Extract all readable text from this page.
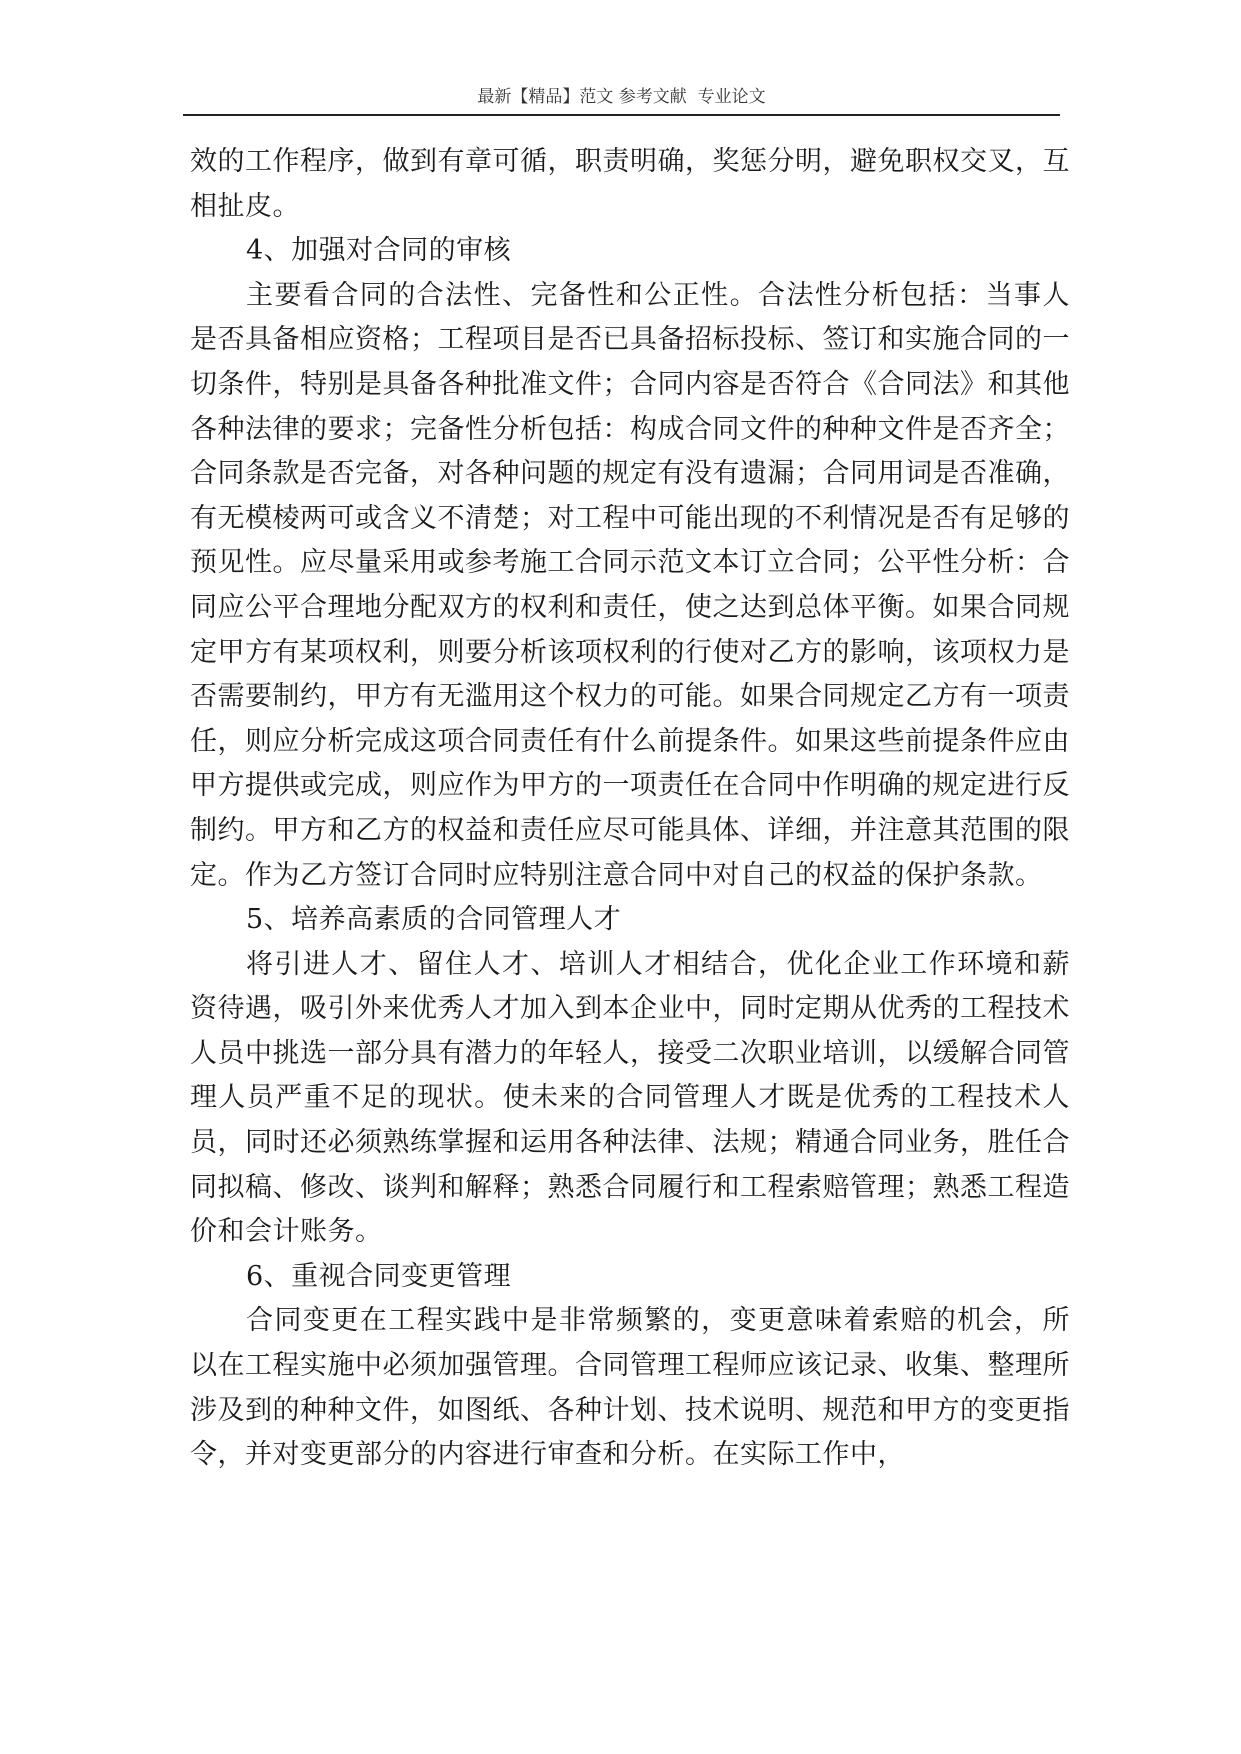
最新【精品】范文 参考文献  专业论文

效的工作程序，做到有章可循，职责明确，奖惩分明，避免职权交叉，互相扯皮。

4、加强对合同的审核

主要看合同的合法性、完备性和公正性。合法性分析包括：当事人是否具备相应资格；工程项目是否已具备招标投标、签订和实施合同的一切条件，特别是具备各种批准文件；合同内容是否符合《合同法》和其他各种法律的要求；完备性分析包括：构成合同文件的种种文件是否齐全；合同条款是否完备，对各种问题的规定有没有遗漏；合同用词是否准确，有无模棱两可或含义不清楚；对工程中可能出现的不利情况是否有足够的预见性。应尽量采用或参考施工合同示范文本订立合同；公平性分析：合同应公平合理地分配双方的权利和责任，使之达到总体平衡。如果合同规定甲方有某项权利，则要分析该项权利的行使对乙方的影响，该项权力是否需要制约，甲方有无滥用这个权力的可能。如果合同规定乙方有一项责任，则应分析完成这项合同责任有什么前提条件。如果这些前提条件应由甲方提供或完成，则应作为甲方的一项责任在合同中作明确的规定进行反制约。甲方和乙方的权益和责任应尽可能具体、详细，并注意其范围的限定。作为乙方签订合同时应特别注意合同中对自己的权益的保护条款。

5、培养高素质的合同管理人才

将引进人才、留住人才、培训人才相结合，优化企业工作环境和薪资待遇，吸引外来优秀人才加入到本企业中，同时定期从优秀的工程技术人员中挑选一部分具有潜力的年轻人，接受二次职业培训，以缓解合同管理人员严重不足的现状。使未来的合同管理人才既是优秀的工程技术人员，同时还必须熟练掌握和运用各种法律、法规；精通合同业务，胜任合同拟稿、修改、谈判和解释；熟悉合同履行和工程索赔管理；熟悉工程造价和会计账务。

6、重视合同变更管理

合同变更在工程实践中是非常频繁的，变更意味着索赔的机会，所以在工程实施中必须加强管理。合同管理工程师应该记录、收集、整理所涉及到的种种文件，如图纸、各种计划、技术说明、规范和甲方的变更指令，并对变更部分的内容进行审查和分析。在实际工作中，
